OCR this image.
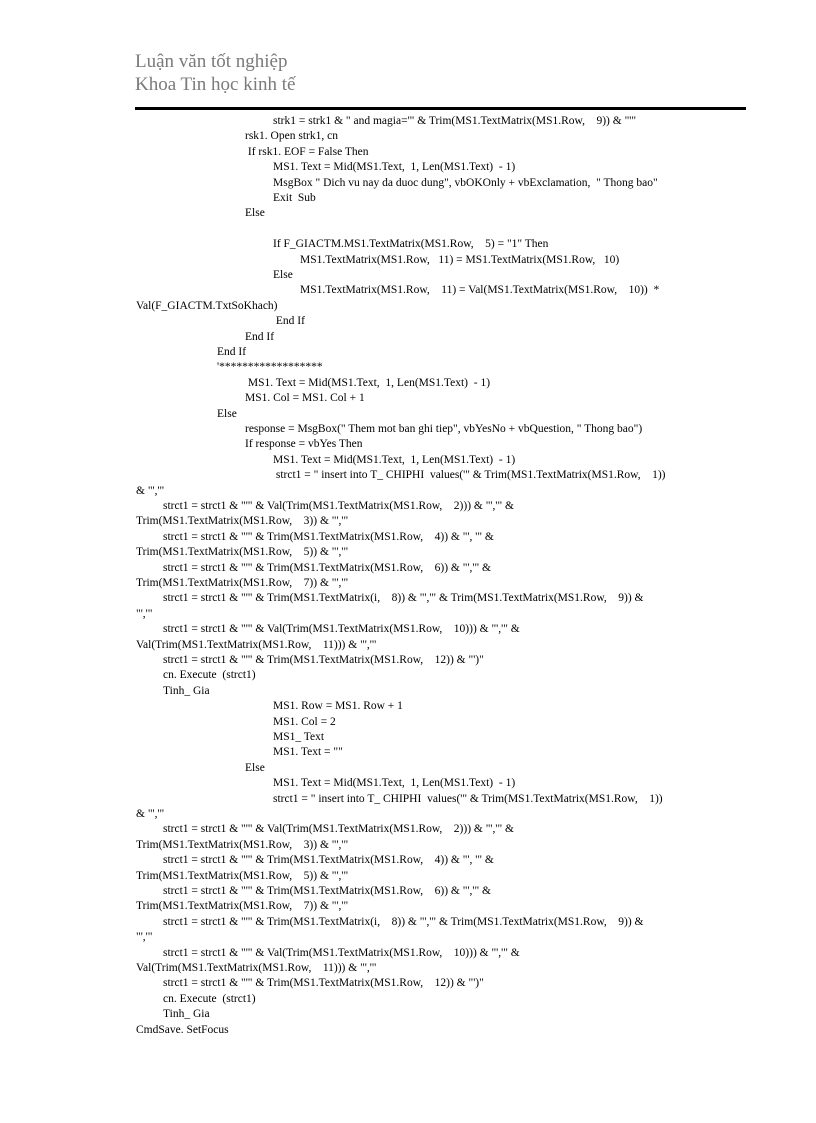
Luận văn tốt nghiệp
Khoa Tin học kinh tế
strk1 = strk1 & " and magia='" & Trim(MS1.TextMatrix(MS1.Row,    9)) & "'"
rsk1. Open strk1, cn
If rsk1. EOF = False Then
MS1. Text = Mid(MS1.Text,  1, Len(MS1.Text)  - 1)
MsgBox " Dich vu nay da duoc dung", vbOKOnly + vbExclamation,  " Thong bao"
Exit  Sub
Else
If F_GIACTM.MS1.TextMatrix(MS1.Row,    5) = "1" Then
MS1.TextMatrix(MS1.Row,   11) = MS1.TextMatrix(MS1.Row,   10)
Else
MS1.TextMatrix(MS1.Row,    11) = Val(MS1.TextMatrix(MS1.Row,    10))  *
Val(F_GIACTM.TxtSoKhach)
End If
End If
End If
'******************
MS1. Text = Mid(MS1.Text,  1, Len(MS1.Text)  - 1)
MS1. Col = MS1. Col + 1
Else
response = MsgBox(" Them mot ban ghi tiep", vbYesNo + vbQuestion, " Thong bao")
If response = vbYes Then
MS1. Text = Mid(MS1.Text,  1, Len(MS1.Text)  - 1)
strct1 = " insert into T_ CHIPHI  values('" & Trim(MS1.TextMatrix(MS1.Row,    1))
& "','"
strct1 = strct1 & "'" & Val(Trim(MS1.TextMatrix(MS1.Row,    2))) & "','" &
Trim(MS1.TextMatrix(MS1.Row,    3)) & "','"
strct1 = strct1 & "'" & Trim(MS1.TextMatrix(MS1.Row,    4)) & "', '" &
Trim(MS1.TextMatrix(MS1.Row,    5)) & "','"
strct1 = strct1 & "'" & Trim(MS1.TextMatrix(MS1.Row,    6)) & "','" &
Trim(MS1.TextMatrix(MS1.Row,    7)) & "','"
strct1 = strct1 & "'" & Trim(MS1.TextMatrix(i,    8)) & "','" & Trim(MS1.TextMatrix(MS1.Row,    9)) &
"','"
strct1 = strct1 & "'" & Val(Trim(MS1.TextMatrix(MS1.Row,    10))) & "','" &
Val(Trim(MS1.TextMatrix(MS1.Row,    11))) & "','"
strct1 = strct1 & "'" & Trim(MS1.TextMatrix(MS1.Row,    12)) & "')"
cn. Execute  (strct1)
Tinh_ Gia
MS1. Row = MS1. Row + 1
MS1. Col = 2
MS1_ Text
MS1. Text = ""
Else
MS1. Text = Mid(MS1.Text,  1, Len(MS1.Text)  - 1)
strct1 = " insert into T_ CHIPHI  values('" & Trim(MS1.TextMatrix(MS1.Row,    1))
& "','"
strct1 = strct1 & "'" & Val(Trim(MS1.TextMatrix(MS1.Row,    2))) & "','" &
Trim(MS1.TextMatrix(MS1.Row,    3)) & "','"
strct1 = strct1 & "'" & Trim(MS1.TextMatrix(MS1.Row,    4)) & "', '" &
Trim(MS1.TextMatrix(MS1.Row,    5)) & "','"
strct1 = strct1 & "'" & Trim(MS1.TextMatrix(MS1.Row,    6)) & "','" &
Trim(MS1.TextMatrix(MS1.Row,    7)) & "','"
strct1 = strct1 & "'" & Trim(MS1.TextMatrix(i,    8)) & "','" & Trim(MS1.TextMatrix(MS1.Row,    9)) &
"','"
strct1 = strct1 & "'" & Val(Trim(MS1.TextMatrix(MS1.Row,    10))) & "','" &
Val(Trim(MS1.TextMatrix(MS1.Row,    11))) & "','"
strct1 = strct1 & "'" & Trim(MS1.TextMatrix(MS1.Row,    12)) & "')"
cn. Execute  (strct1)
Tinh_ Gia
CmdSave. SetFocus
